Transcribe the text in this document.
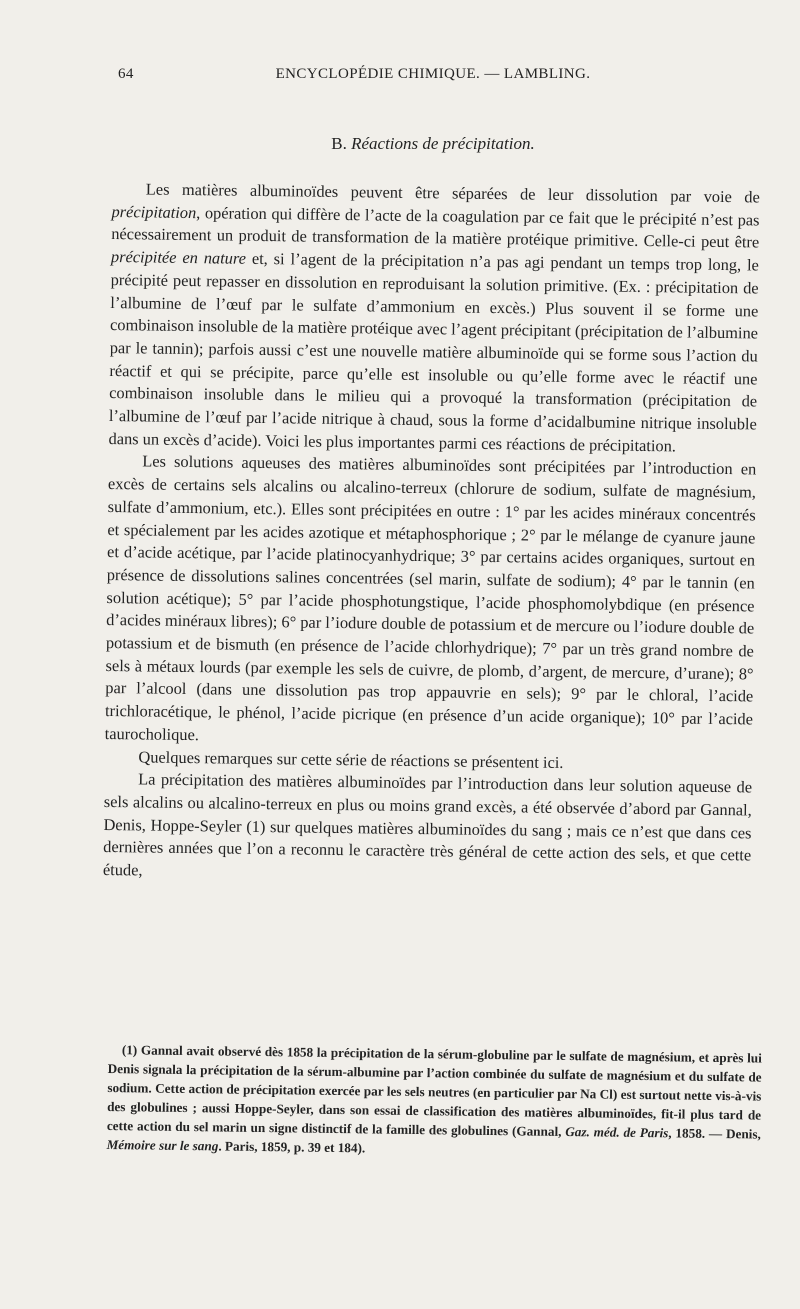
64	ENCYCLOPÉDIE CHIMIQUE. — LAMBLING.
B. Réactions de précipitation.

Les matières albuminoïdes peuvent être séparées de leur dissolution par voie de précipitation, opération qui diffère de l’acte de la coagulation par ce fait que le précipité n’est pas nécessairement un produit de transformation de la matière protéique primitive. Celle-ci peut être précipitée en nature et, si l’agent de la précipitation n’a pas agi pendant un temps trop long, le précipité peut repasser en dissolution en reproduisant la solution primitive. (Ex. : précipitation de l’albumine de l’œuf par le sulfate d’ammonium en excès.) Plus souvent il se forme une combinaison insoluble de la matière protéique avec l’agent précipitant (précipitation de l’albumine par le tannin); parfois aussi c’est une nouvelle matière albuminoïde qui se forme sous l’action du réactif et qui se précipite, parce qu’elle est insoluble ou qu’elle forme avec le réactif une combinaison insoluble dans le milieu qui a provoqué la transformation (précipitation de l’albumine de l’œuf par l’acide nitrique à chaud, sous la forme d’acidalbumine nitrique insoluble dans un excès d’acide). Voici les plus importantes parmi ces réactions de précipitation.

Les solutions aqueuses des matières albuminoïdes sont précipitées par l’introduction en excès de certains sels alcalins ou alcalino-terreux (chlorure de sodium, sulfate de magnésium, sulfate d’ammonium, etc.). Elles sont précipitées en outre : 1° par les acides minéraux concentrés et spécialement par les acides azotique et métaphosphorique ; 2° par le mélange de cyanure jaune et d’acide acétique, par l’acide platinocyanhydrique; 3° par certains acides organiques, surtout en présence de dissolutions salines concentrées (sel marin, sulfate de sodium); 4° par le tannin (en solution acétique); 5° par l’acide phosphotungstique, l’acide phosphomolybdique (en présence d’acides minéraux libres); 6° par l’iodure double de potassium et de mercure ou l’iodure double de potassium et de bismuth (en présence de l’acide chlorhydrique); 7° par un très grand nombre de sels à métaux lourds (par exemple les sels de cuivre, de plomb, d’argent, de mercure, d’urane); 8° par l’alcool (dans une dissolution pas trop appauvrie en sels); 9° par le chloral, l’acide trichloracétique, le phénol, l’acide picrique (en présence d’un acide organique); 10° par l’acide taurocholique.

Quelques remarques sur cette série de réactions se présentent ici.

La précipitation des matières albuminoïdes par l’introduction dans leur solution aqueuse de sels alcalins ou alcalino-terreux en plus ou moins grand excès, a été observée d’abord par Gannal, Denis, Hoppe-Seyler (1) sur quelques matières albuminoïdes du sang ; mais ce n’est que dans ces dernières années que l’on a reconnu le caractère très général de cette action des sels, et que cette étude,

(1) Gannal avait observé dès 1858 la précipitation de la sérum-globuline par le sulfate de magnésium, et après lui Denis signala la précipitation de la sérum-albumine par l’action combinée du sulfate de magnésium et du sulfate de sodium. Cette action de précipitation exercée par les sels neutres (en particulier par Na Cl) est surtout nette vis-à-vis des globulines ; aussi Hoppe-Seyler, dans son essai de classification des matières albuminoïdes, fit-il plus tard de cette action du sel marin un signe distinctif de la famille des globulines (Gannal, Gaz. méd. de Paris, 1858. — Denis, Mémoire sur le sang. Paris, 1859, p. 39 et 184).
